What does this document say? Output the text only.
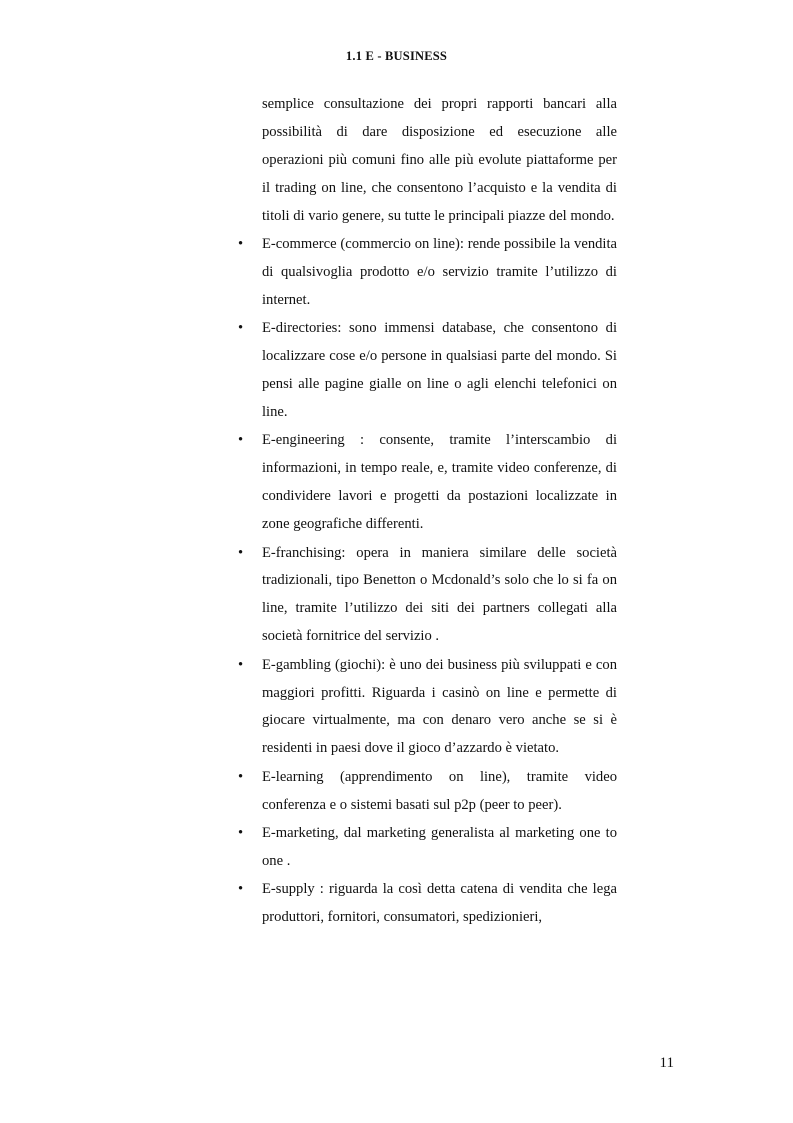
1.1 E - BUSINESS

semplice consultazione dei propri rapporti bancari alla possibilità di dare disposizione ed esecuzione alle operazioni più comuni fino alle più evolute piattaforme per il trading on line, che consentono l’acquisto e la vendita di titoli di vario genere, su tutte le principali piazze del mondo.

• E-commerce (commercio on line): rende possibile la vendita di qualsivoglia prodotto e/o servizio tramite l’utilizzo di internet.

• E-directories: sono immensi database, che consentono di localizzare cose e/o persone in qualsiasi parte del mondo. Si pensi alle pagine gialle on line o agli elenchi telefonici on line.

• E-engineering : consente, tramite l’interscambio di informazioni, in tempo reale, e, tramite video conferenze, di condividere lavori e progetti da postazioni localizzate in zone geografiche differenti.

• E-franchising: opera in maniera similare delle società tradizionali, tipo Benetton o Mcdonald’s solo che lo si fa on line, tramite l’utilizzo dei siti dei partners collegati alla società fornitrice del servizio .

• E-gambling (giochi): è uno dei business più sviluppati e con maggiori profitti. Riguarda i casinò on line e permette di giocare virtualmente, ma con denaro vero anche se si è residenti in paesi dove il gioco d’azzardo è vietato.

• E-learning (apprendimento on line), tramite video conferenza e o sistemi basati sul p2p (peer to peer).

• E-marketing, dal marketing generalista al marketing one to one .

• E-supply : riguarda la così detta catena di vendita che lega produttori, fornitori, consumatori, spedizionieri,

11
